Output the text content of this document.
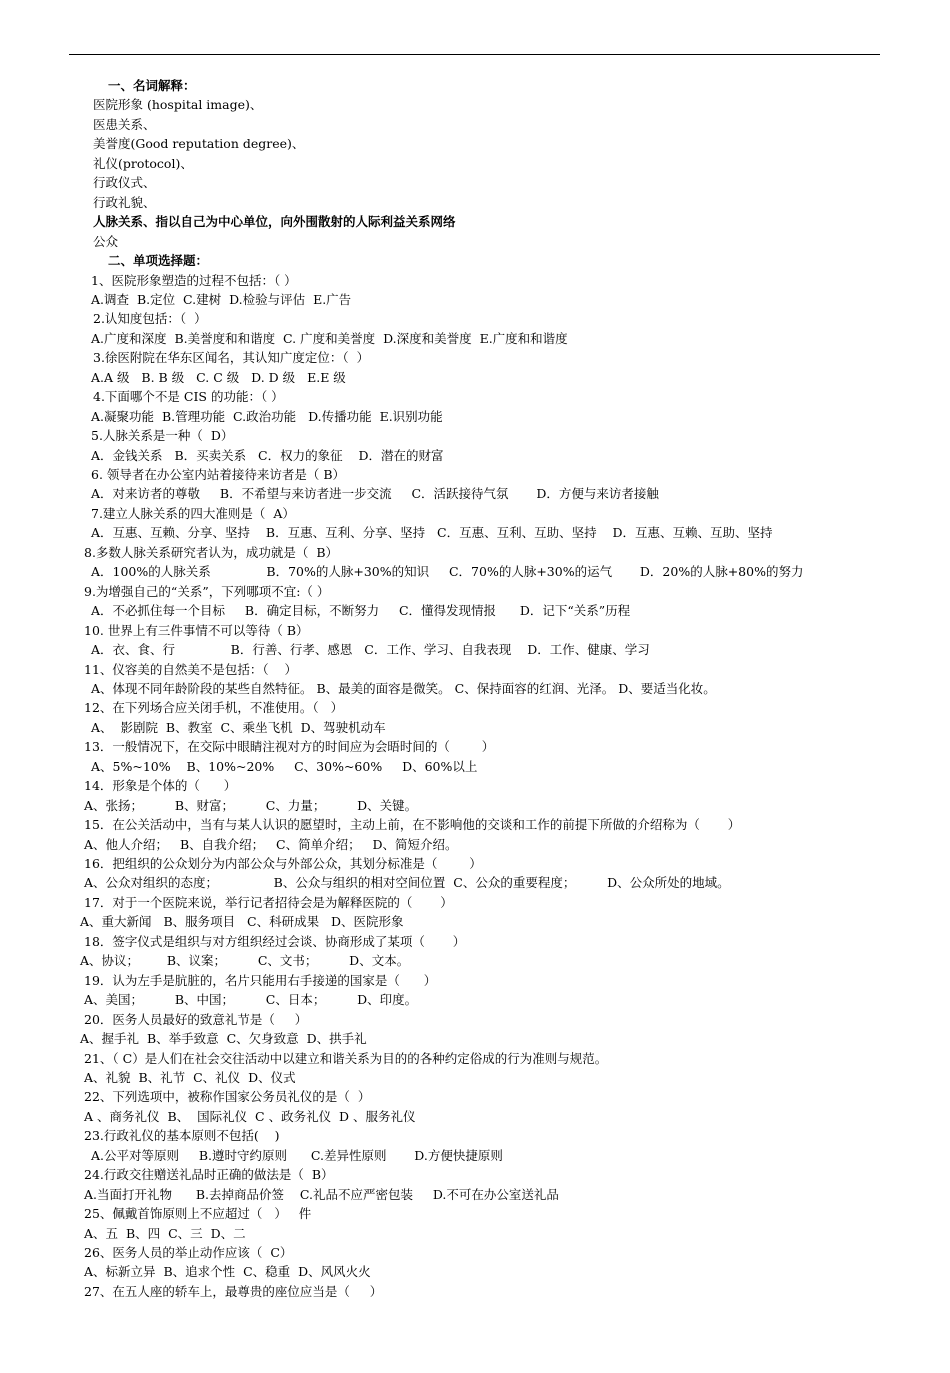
一、名词解释：
医院形象 (hospital image)、
医患关系、
美誉度(Good reputation degree)、
礼仪(protocol)、
行政仪式、
行政礼貌、
人脉关系、指以自己为中心单位，向外围散射的人际利益关系网络
公众
二、单项选择题：
1、医院形象塑造的过程不包括：（ ）
A.调查  B.定位  C.建树  D.检验与评估  E.广告
2.认知度包括：（  ）
A.广度和深度  B.美誉度和和谐度  C. 广度和美誉度  D.深度和美誉度  E.广度和和谐度
3.徐医附院在华东区闻名，其认知广度定位：（  ）
A.A 级   B. B 级   C. C 级   D. D 级   E.E 级
4.下面哪个不是 CIS 的功能：（ ）
A.凝聚功能  B.管理功能  C.政治功能   D.传播功能  E.识别功能
5.人脉关系是一种（  D）
A．金钱关系   B．买卖关系   C．权力的象征    D．潜在的财富
6. 领导者在办公室内站着接待来访者是（ B）
A．对来访者的尊敬     B．不希望与来访者进一步交流     C．活跃接待气氛       D．方便与来访者接触
7.建立人脉关系的四大准则是（  A）
A．互惠、互赖、分享、坚持    B．互惠、互利、分享、坚持   C．互惠、互利、互助、坚持    D．互惠、互赖、互助、坚持
8.多数人脉关系研究者认为，成功就是（  B）
A．100%的人脉关系              B．70%的人脉+30%的知识     C．70%的人脉+30%的运气       D．20%的人脉+80%的努力
9.为增强自己的“关系”，下列哪项不宜:（ ）
A．不必抓住每一个目标     B．确定目标，不断努力     C．懂得发现情报      D．记下“关系”历程
10. 世界上有三件事情不可以等待（ B）
A．衣、食、行              B．行善、行孝、感恩   C．工作、学习、自我表现    D．工作、健康、学习
11、仪容美的自然美不是包括：（    ）
A、体现不同年龄阶段的某些自然特征。 B、最美的面容是微笑。 C、保持面容的红润、光泽。 D、要适当化妆。
12、在下列场合应关闭手机，不准使用。（   ）
A、  影剧院  B、教室  C、乘坐飞机  D、驾驶机动车
13．一般情况下，在交际中眼睛注视对方的时间应为会晤时间的（        ）
A、5%~10%    B、10%~20%     C、30%~60%     D、60%以上
14．形象是个体的（      ）
A、张扬；        B、财富；        C、力量；        D、关键。
15．在公关活动中，当有与某人认识的愿望时，主动上前，在不影响他的交谈和工作的前提下所做的介绍称为（       ）
A、他人介绍；   B、自我介绍；   C、简单介绍；   D、简短介绍。
16．把组织的公众划分为内部公众与外部公众，其划分标准是（        ）
A、公众对组织的态度；              B、公众与组织的相对空间位置  C、公众的重要程度；        D、公众所处的地域。
17．对于一个医院来说，举行记者招待会是为解释医院的（       ）
A、重大新闻   B、服务项目   C、科研成果   D、医院形象
18．签字仪式是组织与对方组织经过会谈、协商形成了某项（       ）
A、协议；       B、议案；        C、文书；        D、文本。
19．认为左手是肮脏的，名片只能用右手接递的国家是（      ）
A、美国；        B、中国；        C、日本；        D、印度。
20．医务人员最好的致意礼节是（     ）
A、握手礼  B、举手致意  C、欠身致意  D、拱手礼
21、（ C）是人们在社会交往活动中以建立和谐关系为目的的各种约定俗成的行为准则与规范。
A、礼貌  B、礼节  C、礼仪  D、仪式
22、下列选项中，被称作国家公务员礼仪的是（  ）
A 、商务礼仪  B、  国际礼仪  C 、政务礼仪  D 、服务礼仪
23.行政礼仪的基本原则不包括(    )
A.公平对等原则     B.遵时守约原则      C.差异性原则       D.方便快捷原则
24.行政交往赠送礼品时正确的做法是（  B）
A.当面打开礼物      B.去掉商品价签    C.礼品不应严密包装     D.不可在办公室送礼品
25、佩戴首饰原则上不应超过（   ）   件
A、五  B、四  C、三  D、二
26、医务人员的举止动作应该（  C）
A、标新立异  B、追求个性  C、稳重  D、风风火火
27、在五人座的轿车上，最尊贵的座位应当是（     ）
